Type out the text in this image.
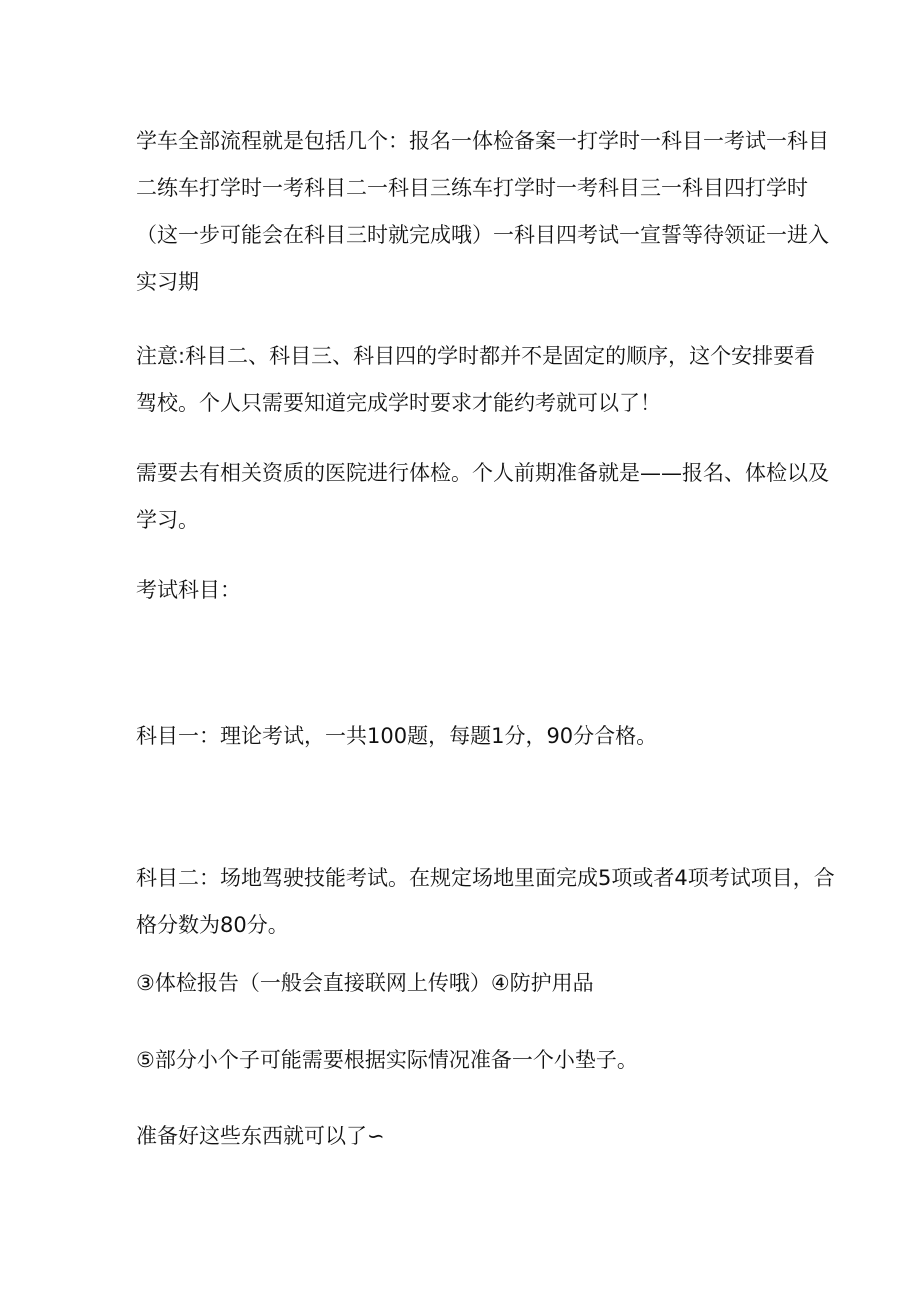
学车全部流程就是包括几个：报名一体检备案一打学时一科目一考试一科目二练车打学时一考科目二一科目三练车打学时一考科目三一科目四打学时（这一步可能会在科目三时就完成哦）一科目四考试一宣誓等待领证一进入实习期

注意:科目二、科目三、科目四的学时都并不是固定的顺序，这个安排要看驾校。个人只需要知道完成学时要求才能约考就可以了！

需要去有相关资质的医院进行体检。个人前期准备就是——报名、体检以及学习。

考试科目：

科目一：理论考试，一共100题，每题1分，90分合格。

科目二：场地驾驶技能考试。在规定场地里面完成5项或者4项考试项目，合格分数为80分。

③体检报告（一般会直接联网上传哦）④防护用品

⑤部分小个子可能需要根据实际情况准备一个小垫子。

准备好这些东西就可以了∽
